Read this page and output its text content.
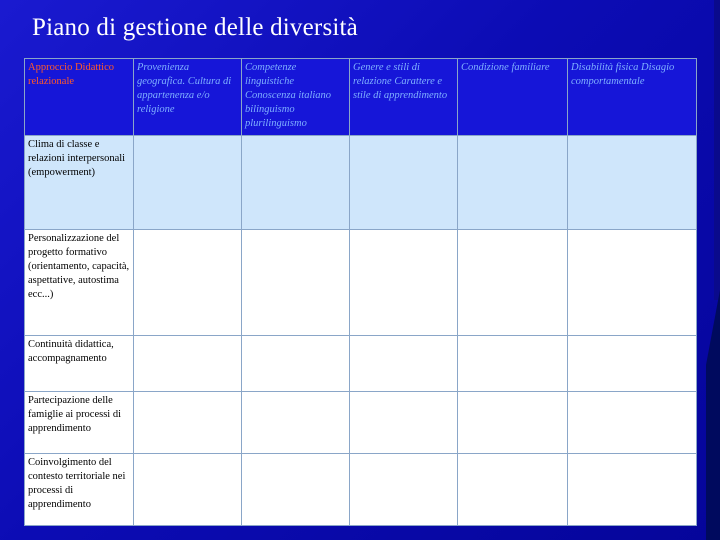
Piano di gestione delle diversità
Approccio Didattico relazionale	Provenienza geografica. Cultura di appartenenza e/o religione	Competenze linguistiche Conoscenza italiano bilinguismo plurilinguismo	Genere e stili di relazione Carattere e stile di apprendimento	Condizione familiare	Disabilità fisica Disagio comportamentale
Clima di classe e relazioni interpersonali (empowerment)					
Personalizzazione del progetto formativo (orientamento, capacità, aspettative, autostima ecc...)					
Continuità didattica, accompagnamento					
Partecipazione delle famiglie ai processi di apprendimento					
Coinvolgimento del contesto territoriale nei processi di apprendimento					
